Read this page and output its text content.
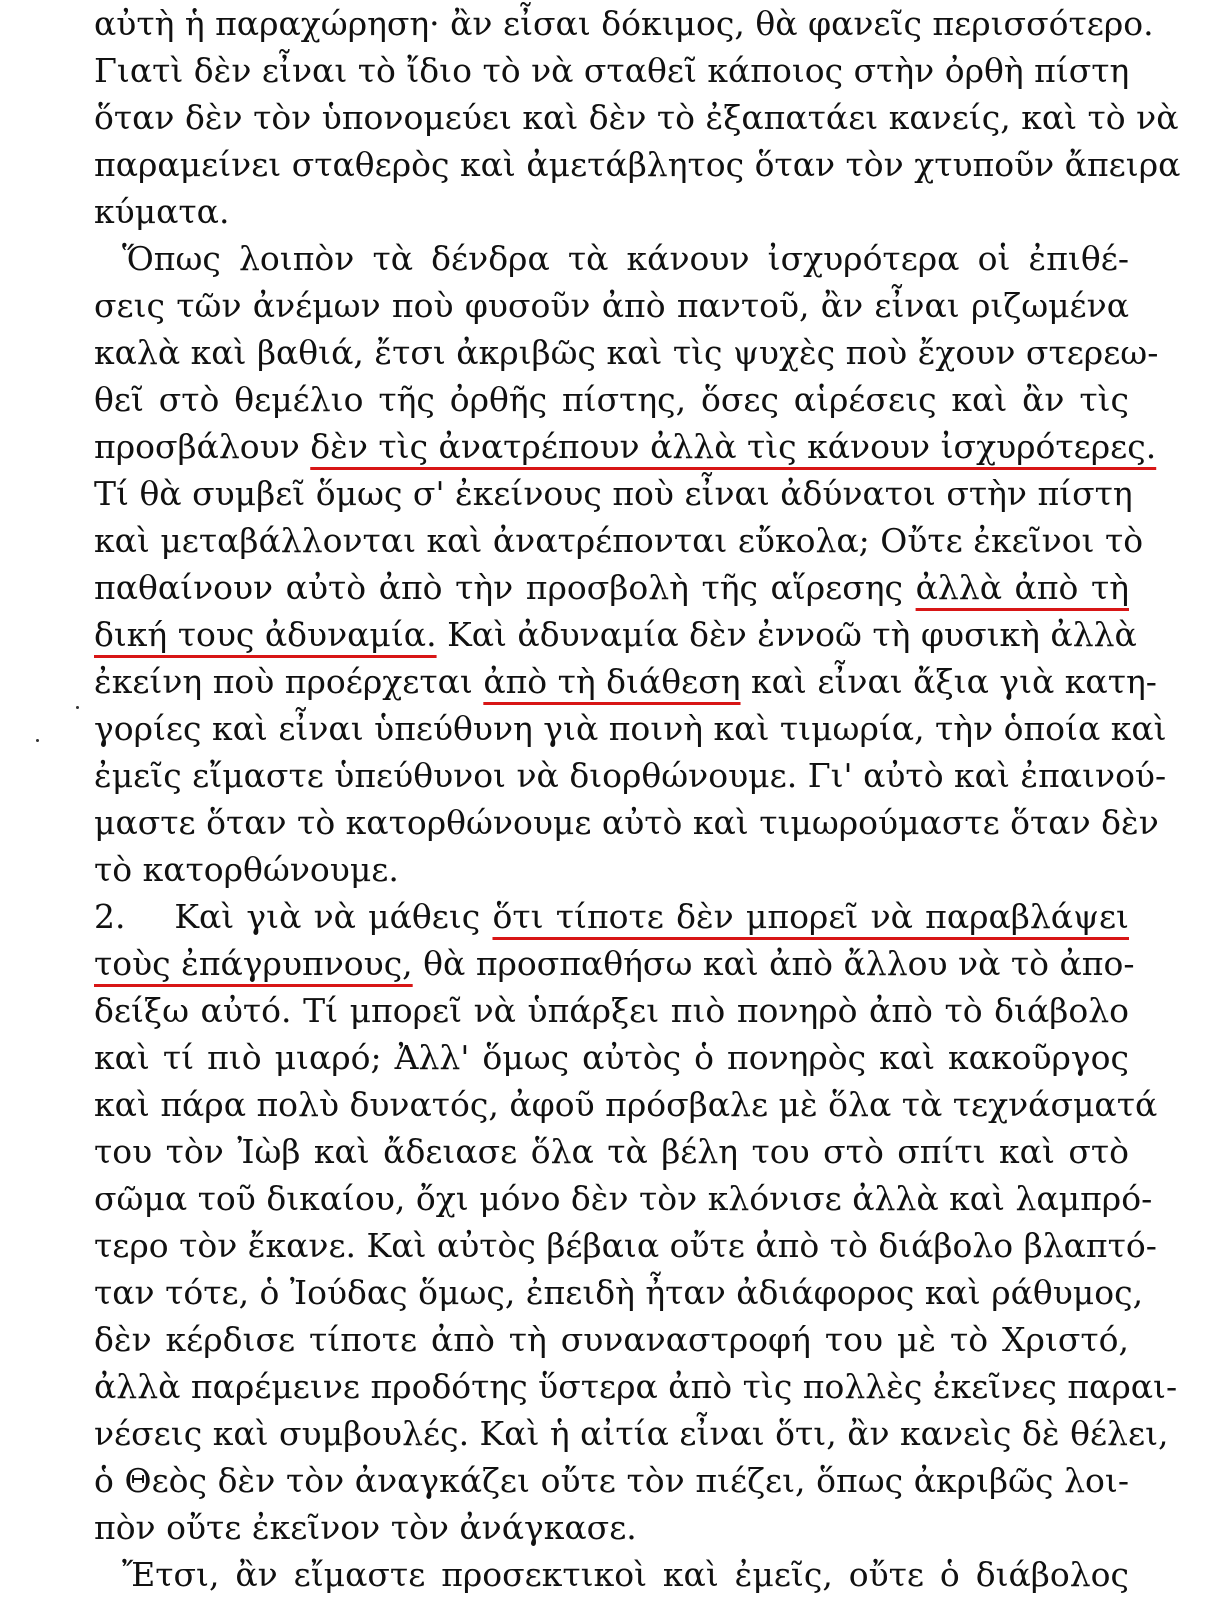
αὐτὴ ἡ παραχώρηση· ἂν εἶσαι δόκιμος, θὰ φανεῖς περισσότερο.
Γιατὶ δὲν εἶναι τὸ ἴδιο τὸ νὰ σταθεῖ κάποιος στὴν ὀρθὴ πίστη
ὅταν δὲν τὸν ὑπονομεύει καὶ δὲν τὸ ἐξαπατάει κανείς, καὶ τὸ νὰ
παραμείνει σταθερὸς καὶ ἀμετάβλητος ὅταν τὸν χτυποῦν ἄπειρα
κύματα.
Ὅπως λοιπὸν τὰ δένδρα τὰ κάνουν ἰσχυρότερα οἱ ἐπιθέ-
σεις τῶν ἀνέμων ποὺ φυσοῦν ἀπὸ παντοῦ, ἂν εἶναι ριζωμένα
καλὰ καὶ βαθιά, ἔτσι ἀκριβῶς καὶ τὶς ψυχὲς ποὺ ἔχουν στερεω-
θεῖ στὸ θεμέλιο τῆς ὀρθῆς πίστης, ὅσες αἱρέσεις καὶ ἂν τὶς
προσβάλουν δὲν τὶς ἀνατρέπουν ἀλλὰ τὶς κάνουν ἰσχυρότερες.
Τί θὰ συμβεῖ ὅμως σ' ἐκείνους ποὺ εἶναι ἀδύνατοι στὴν πίστη
καὶ μεταβάλλονται καὶ ἀνατρέπονται εὔκολα; Οὔτε ἐκεῖνοι τὸ
παθαίνουν αὐτὸ ἀπὸ τὴν προσβολὴ τῆς αἵρεσης ἀλλὰ ἀπὸ τὴ
δική τους ἀδυναμία. Καὶ ἀδυναμία δὲν ἐννοῶ τὴ φυσικὴ ἀλλὰ
ἐκείνη ποὺ προέρχεται ἀπὸ τὴ διάθεση καὶ εἶναι ἄξια γιὰ κατη-
γορίες καὶ εἶναι ὑπεύθυνη γιὰ ποινὴ καὶ τιμωρία, τὴν ὁποία καὶ
ἐμεῖς εἴμαστε ὑπεύθυνοι νὰ διορθώνουμε. Γι' αὐτὸ καὶ ἐπαινού-
μαστε ὅταν τὸ κατορθώνουμε αὐτὸ καὶ τιμωρούμαστε ὅταν δὲν
τὸ κατορθώνουμε.
2.    Καὶ γιὰ νὰ μάθεις ὅτι τίποτε δὲν μπορεῖ νὰ παραβλάψει
τοὺς ἐπάγρυπνους, θὰ προσπαθήσω καὶ ἀπὸ ἄλλου νὰ τὸ ἀπο-
δείξω αὐτό. Τί μπορεῖ νὰ ὑπάρξει πιὸ πονηρὸ ἀπὸ τὸ διάβολο
καὶ τί πιὸ μιαρό; Ἀλλ' ὅμως αὐτὸς ὁ πονηρὸς καὶ κακοῦργος
καὶ πάρα πολὺ δυνατός, ἀφοῦ πρόσβαλε μὲ ὅλα τὰ τεχνάσματά
του τὸν Ἰὼβ καὶ ἄδειασε ὅλα τὰ βέλη του στὸ σπίτι καὶ στὸ
σῶμα τοῦ δικαίου, ὄχι μόνο δὲν τὸν κλόνισε ἀλλὰ καὶ λαμπρό-
τερο τὸν ἔκανε. Καὶ αὐτὸς βέβαια οὔτε ἀπὸ τὸ διάβολο βλαπτό-
ταν τότε, ὁ Ἰούδας ὅμως, ἐπειδὴ ἦταν ἀδιάφορος καὶ ράθυμος,
δὲν κέρδισε τίποτε ἀπὸ τὴ συναναστροφή του μὲ τὸ Χριστό,
ἀλλὰ παρέμεινε προδότης ὕστερα ἀπὸ τὶς πολλὲς ἐκεῖνες παραι-
νέσεις καὶ συμβουλές. Καὶ ἡ αἰτία εἶναι ὅτι, ἂν κανεὶς δὲ θέλει,
ὁ Θεὸς δὲν τὸν ἀναγκάζει οὔτε τὸν πιέζει, ὅπως ἀκριβῶς λοι-
πὸν οὔτε ἐκεῖνον τὸν ἀνάγκασε.
Ἔτσι, ἂν εἴμαστε προσεκτικοὶ καὶ ἐμεῖς, οὔτε ὁ διάβολος
